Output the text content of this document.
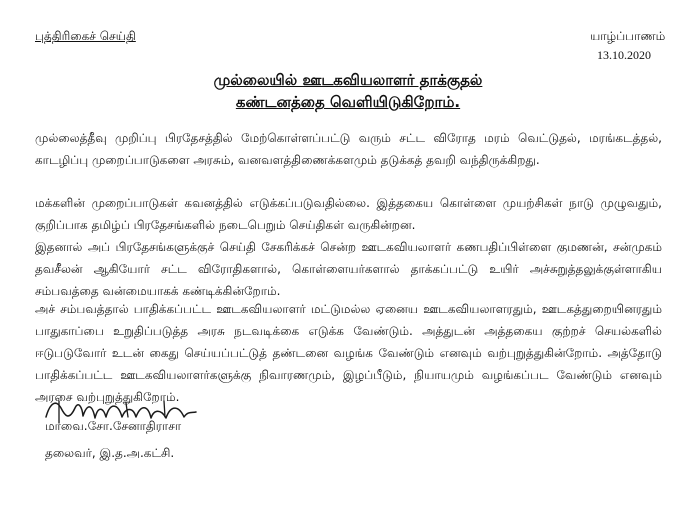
புத்திரிகைச் செய்தி	யாழ்ப்பாணம்
13.10.2020
முல்லையில் ஊடகவியலாளர் தாக்குதல்
கண்டனத்தை வெளியிடுகிறோம்.
முல்லைத்தீவு முறிப்பு பிரதேசத்தில் மேற்கொள்ளப்பட்டு வரும் சட்ட விரோத மரம் வெட்டுதல், மரங்கடத்தல், காடழிப்பு முறைப்பாடுகளை அரசும், வனவளத்திணைக்களமும் தடுக்கத் தவறி வந்திருக்கிறது.
மக்களின் முறைப்பாடுகள் கவனத்தில் எடுக்கப்படுவதில்லை. இத்தகைய கொள்ளை முயற்சிகள் நாடு முழுவதும், குறிப்பாக தமிழ்ப் பிரதேசங்களில் நடைபெறும் செய்திகள் வருகின்றன.
இதனால் அப் பிரதேசங்களுக்குச் செய்தி சேகரிக்கச் சென்ற ஊடகவியலாளர் கணபதிப்பிள்ளை குமணன், சன்முகம் தவசீலன் ஆகியோர் சட்ட விரோதிகளால், கொள்ளையர்களால் தாக்கப்பட்டு உயிர் அச்சுறுத்தலுக்குள்ளாகிய சம்பவத்தை வன்மையாகக் கண்டிக்கின்றோம்.
அச் சம்பவத்தால் பாதிக்கப்பட்ட ஊடகவியலாளர் மட்டுமல்ல ஏனைய ஊடகவியலாளரதும், ஊடகத்துறையினரதும் பாதுகாப்பை உறுதிப்படுத்த அரசு நடவடிக்கை எடுக்க வேண்டும். அத்துடன் அத்தகைய குற்றச் செயல்களில் ஈடுபடுவோர் உடன் கைது செய்யப்பட்டுத் தண்டனை வழங்க வேண்டும் எனவும் வற்புறுத்துகின்றோம். அத்தோடு பாதிக்கப்பட்ட ஊடகவியலாளர்களுக்கு நிவாரணமும், இழப்பீடும், நியாயமும் வழங்கப்பட வேண்டும் எனவும் அரசை வற்புறுத்துகிறோம்.
மாவை.சோ.சேனாதிராசா
தலைவர், இ.த.அ.கட்சி.
